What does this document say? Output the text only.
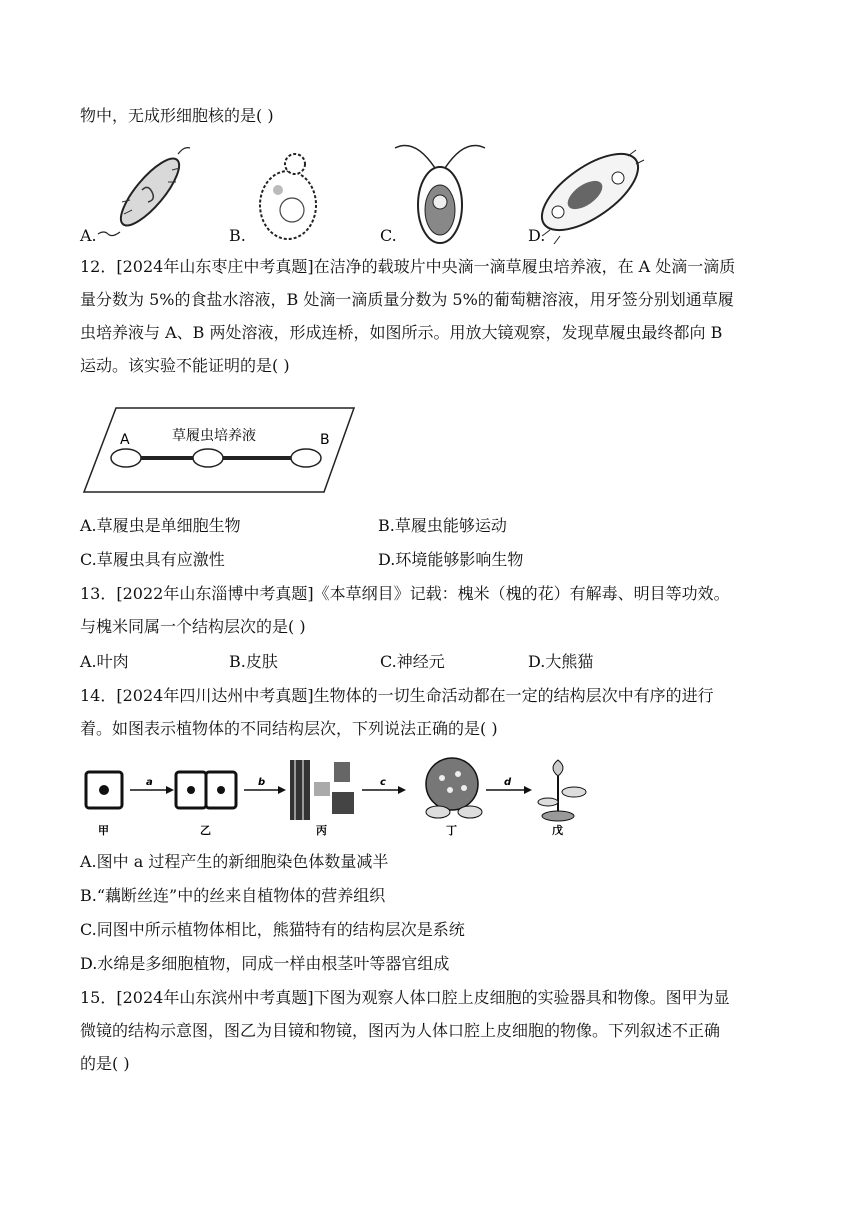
物中，无成形细胞核的是( )
A.	B.	C.	D.
12．[2024年山东枣庄中考真题]在洁净的载玻片中央滴一滴草履虫培养液，在 A 处滴一滴质
量分数为 5%的食盐水溶液，B 处滴一滴质量分数为 5%的葡萄糖溶液，用牙签分别划通草履
虫培养液与 A、B 两处溶液，形成连桥，如图所示。用放大镜观察，发现草履虫最终都向 B
运动。该实验不能证明的是( )
A	B
草履虫培养液
A.草履虫是单细胞生物	B.草履虫能够运动
C.草履虫具有应激性	D.环境能够影响生物
13．[2022年山东淄博中考真题]《本草纲目》记载：槐米（槐的花）有解毒、明目等功效。
与槐米同属一个结构层次的是( )
A.叶肉	B.皮肤	C.神经元	D.大熊猫
14．[2024年四川达州中考真题]生物体的一切生命活动都在一定的结构层次中有序的进行
着。如图表示植物体的不同结构层次，下列说法正确的是( )
a	b	c	d
甲	乙	丙	丁	戊
A.图中 a 过程产生的新细胞染色体数量减半
B.“藕断丝连”中的丝来自植物体的营养组织
C.同图中所示植物体相比，熊猫特有的结构层次是系统
D.水绵是多细胞植物，同成一样由根茎叶等器官组成
15．[2024年山东滨州中考真题]下图为观察人体口腔上皮细胞的实验器具和物像。图甲为显
微镜的结构示意图，图乙为目镜和物镜，图丙为人体口腔上皮细胞的物像。下列叙述不正确
的是( )
